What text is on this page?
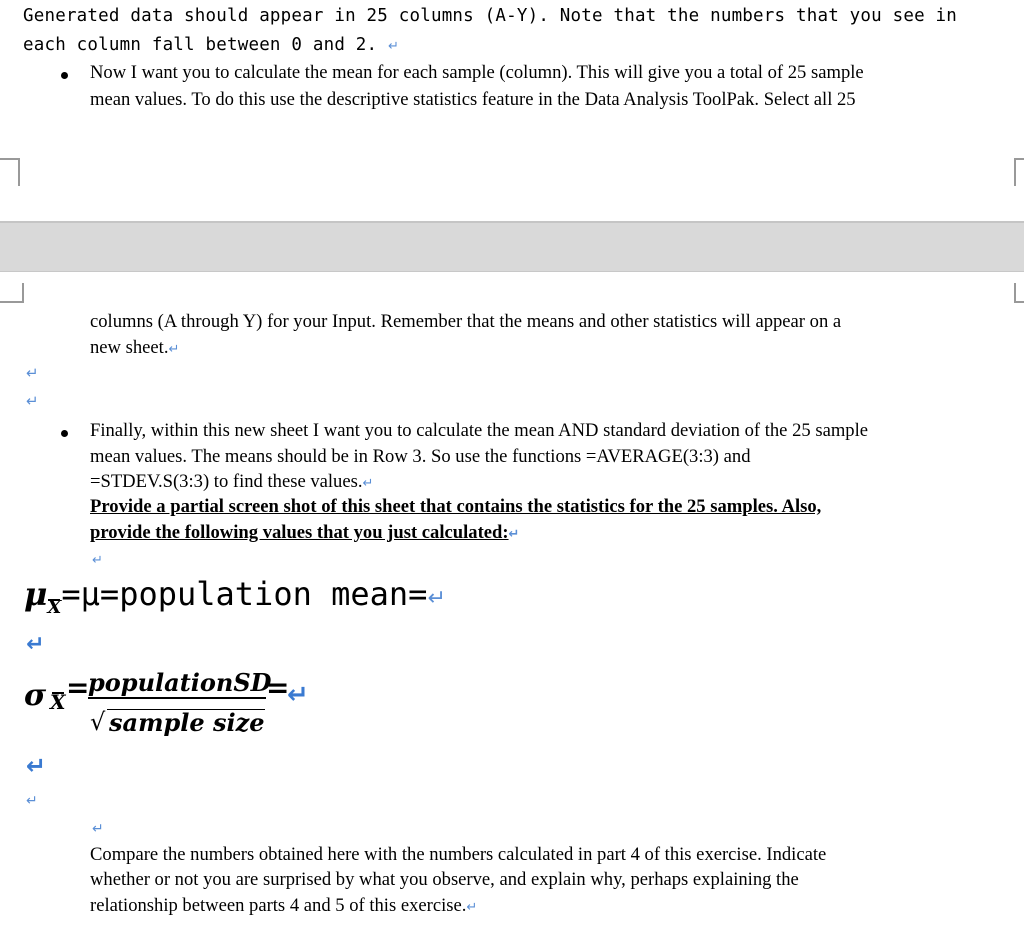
Generated data should appear in 25 columns (A-Y). Note that the numbers that you see in
each column fall between 0 and 2. ↵
Now I want you to calculate the mean for each sample (column). This will give you a total of 25 sample
mean values. To do this use the descriptive statistics feature in the Data Analysis ToolPak. Select all 25
columns (A through Y) for your Input. Remember that the means and other statistics will appear on a
new sheet.↵
↵
↵
Finally, within this new sheet I want you to calculate the mean AND standard deviation of the 25 sample
mean values. The means should be in Row 3. So use the functions =AVERAGE(3:3) and
=STDEV.S(3:3) to find these values.↵
Provide a partial screen shot of this sheet that contains the statistics for the 25 samples. Also,
provide the following values that you just calculated:↵
↵
μ
$_X$=μ=population mean=↵
↵
σ X =
populationSD
√ sample size
=
↵
↵
↵
↵
Compare the numbers obtained here with the numbers calculated in part 4 of this exercise. Indicate
whether or not you are surprised by what you observe, and explain why, perhaps explaining the
relationship between parts 4 and 5 of this exercise.↵
